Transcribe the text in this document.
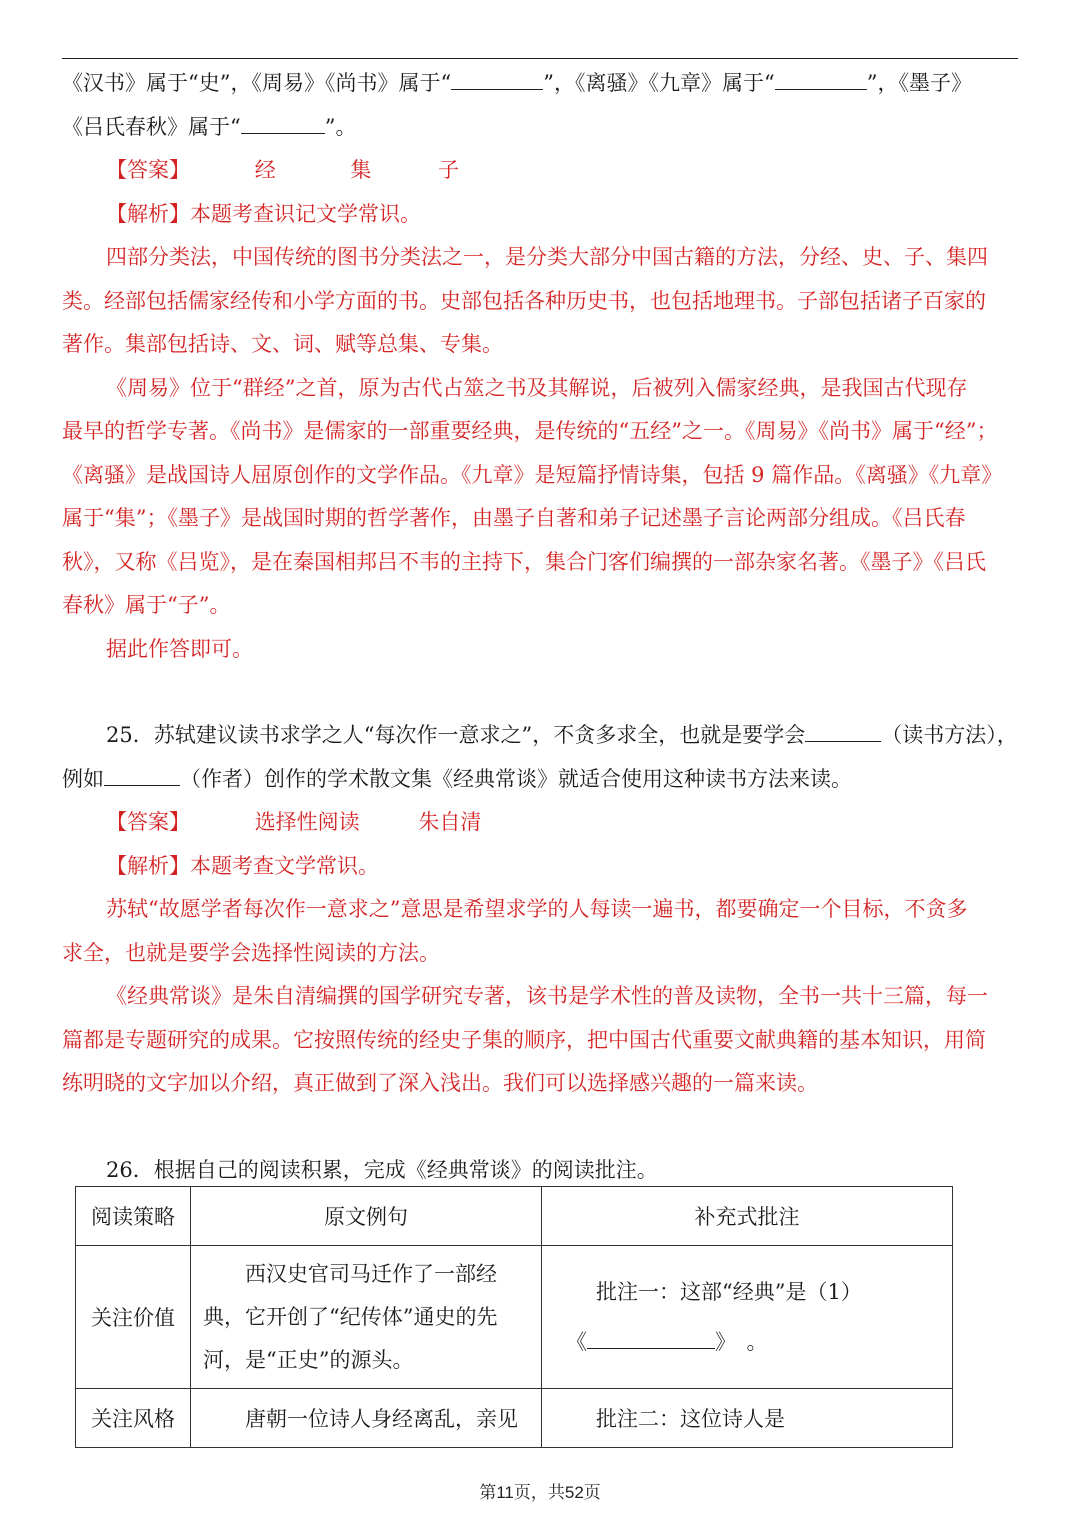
《汉书》属于“史”，《周易》《尚书》属于“	”，《离骚》《九章》属于“	”，《墨子》
《吕氏春秋》属于“	”。
【答案】	经	集	子
【解析】本题考查识记文学常识。
四部分类法，中国传统的图书分类法之一，是分类大部分中国古籍的方法，分经、史、子、集四
类。经部包括儒家经传和小学方面的书。史部包括各种历史书，也包括地理书。子部包括诸子百家的
著作。集部包括诗、文、词、赋等总集、专集。
《周易》位于“群经”之首，原为古代占筮之书及其解说，后被列入儒家经典，是我国古代现存
最早的哲学专著。《尚书》是儒家的一部重要经典，是传统的“五经”之一。《周易》《尚书》属于“经”；
《离骚》是战国诗人屈原创作的文学作品。《九章》是短篇抒情诗集，包括 9 篇作品。《离骚》《九章》
属于“集”；《墨子》是战国时期的哲学著作，由墨子自著和弟子记述墨子言论两部分组成。《吕氏春
秋》，又称《吕览》，是在秦国相邦吕不韦的主持下，集合门客们编撰的一部杂家名著。《墨子》《吕氏
春秋》属于“子”。
据此作答即可。
25．苏轼建议读书求学之人“每次作一意求之”，不贪多求全，也就是要学会	（读书方法），
例如	（作者）创作的学术散文集《经典常谈》就适合使用这种读书方法来读。
【答案】	选择性阅读	朱自清
【解析】本题考查文学常识。
苏轼“故愿学者每次作一意求之”意思是希望求学的人每读一遍书，都要确定一个目标，不贪多
求全，也就是要学会选择性阅读的方法。
《经典常谈》是朱自清编撰的国学研究专著，该书是学术性的普及读物，全书一共十三篇，每一
篇都是专题研究的成果。它按照传统的经史子集的顺序，把中国古代重要文献典籍的基本知识，用简
练明晓的文字加以介绍，真正做到了深入浅出。我们可以选择感兴趣的一篇来读。
26．根据自己的阅读积累，完成《经典常谈》的阅读批注。
阅读策略	原文例句	补充式批注
关注价值	西汉史官司马迁作了一部经典，它开创了“纪传体”通史的先河，是“正史”的源头。	批注一：这部“经典”是（1）
《 》　。

关注风格	唐朝一位诗人身经离乱，亲见	批注二：这位诗人是
第11页，共52页
